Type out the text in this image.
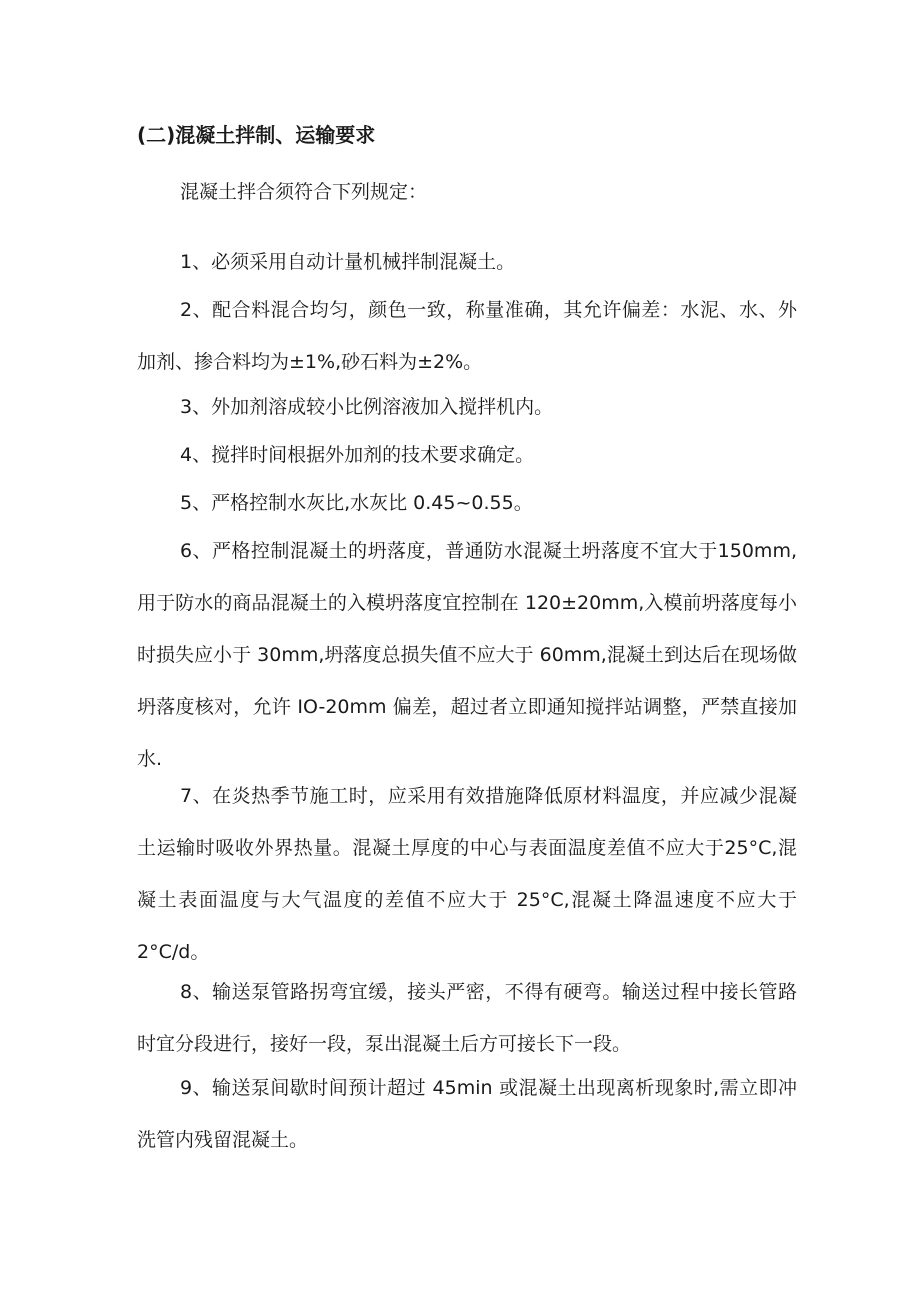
(二)混凝土拌制、运输要求

混凝土拌合须符合下列规定：

1、必须采用自动计量机械拌制混凝土。

2、配合料混合均匀，颜色一致，称量准确，其允许偏差：水泥、水、外加剂、掺合料均为±1%,砂石料为±2%。

3、外加剂溶成较小比例溶液加入搅拌机内。

4、搅拌时间根据外加剂的技术要求确定。

5、严格控制水灰比,水灰比 0.45~0.55。

6、严格控制混凝土的坍落度，普通防水混凝土坍落度不宜大于150mm,用于防水的商品混凝土的入模坍落度宜控制在 120±20mm,入模前坍落度每小时损失应小于 30mm,坍落度总损失值不应大于 60mm,混凝土到达后在现场做坍落度核对，允许 IO-20mm 偏差，超过者立即通知搅拌站调整，严禁直接加水.

7、在炎热季节施工时，应采用有效措施降低原材料温度，并应减少混凝土运输时吸收外界热量。混凝土厚度的中心与表面温度差值不应大于25°C,混凝土表面温度与大气温度的差值不应大于 25°C,混凝土降温速度不应大于 2°C/d。

8、输送泵管路拐弯宜缓，接头严密，不得有硬弯。输送过程中接长管路时宜分段进行，接好一段，泵出混凝土后方可接长下一段。

9、输送泵间歇时间预计超过 45min 或混凝土出现离析现象时,需立即冲洗管内残留混凝土。
